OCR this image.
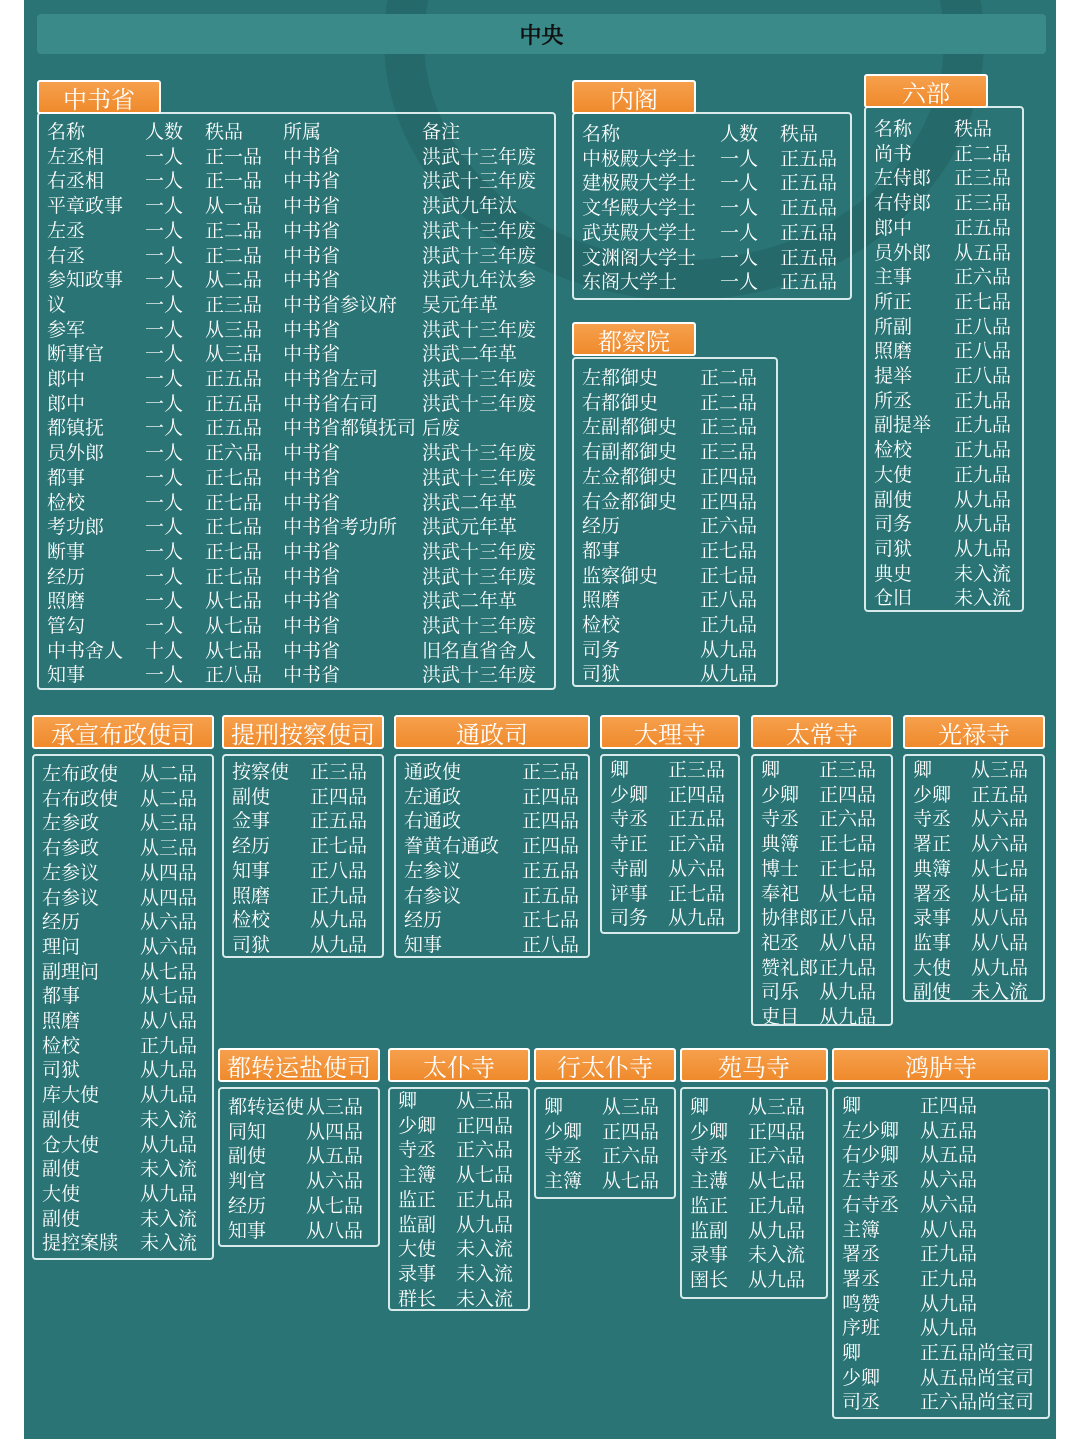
中央
中书省
名称	人数 秩品 所属	备注
左丞相 一人 正一品 中书省	洪武十三年废
右丞相 一人 正一品 中书省	洪武十三年废
平章政事 一人 从一品 中书省	洪武九年汰
左丞	一人 正二品 中书省	洪武十三年废
右丞	一人 正二品 中书省	洪武十三年废
参知政事 一人 从二品 中书省	洪武九年汰参
议	一人 正三品 中书省参议府 吴元年革
参军	一人 从三品 中书省	洪武十三年废
断事官 一人 从三品 中书省	洪武二年革
郎中	一人 正五品 中书省左司 洪武十三年废
郎中	一人 正五品 中书省右司 洪武十三年废
都镇抚 一人 正五品 中书省都镇抚司 后废
员外郎 一人 正六品 中书省	洪武十三年废
都事	一人 正七品 中书省	洪武十三年废
检校	一人 正七品 中书省	洪武二年革
考功郎 一人 正七品 中书省考功所 洪武元年革
断事	一人 正七品 中书省	洪武十三年废
经历	一人 正七品 中书省	洪武十三年废
照磨	一人 从七品 中书省	洪武二年革
管勾	一人 从七品 中书省	洪武十三年废
中书舍人 十人 从七品 中书省	旧名直省舍人
知事	一人 正八品 中书省	洪武十三年废
内阁
名称	人数 秩品
中极殿大学士 一人 正五品
建极殿大学士 一人 正五品
文华殿大学士 一人 正五品
武英殿大学士 一人 正五品
文渊阁大学士 一人 正五品
东阁大学士 一人 正五品
六部
名称 秩品
尚书 正二品
左侍郎 正三品
右侍郎 正三品
郎中 正五品
员外郎 从五品
主事 正六品
所正 正七品
所副 正八品
照磨 正八品
提举 正八品
所丞 正九品
副提举 正九品
检校 正九品
大使 正九品
副使 从九品
司务 从九品
司狱 从九品
典史 未入流
仓旧 未入流
都察院
左都御史 正二品
右都御史 正二品
左副都御史 正三品
右副都御史 正三品
左佥都御史 正四品
右佥都御史 正四品
经历	正六品
都事	正七品
监察御史 正七品
照磨	正八品
检校	正九品
司务	从九品
司狱	从九品
承宣布政使司
左布政使 从二品
右布政使 从二品
左参政 从三品
右参政 从三品
左参议 从四品
右参议 从四品
经历	从六品
理问	从六品
副理问 从七品
都事	从七品
照磨	从八品
检校	正九品
司狱	从九品
库大使 从九品
副使	未入流
仓大使 从九品
副使	未入流
大使	从九品
副使	未入流
提控案牍 未入流
提刑按察使司
按察使 正三品
副使 正四品
佥事 正五品
经历 正七品
知事 正八品
照磨 正九品
检校 从九品
司狱 从九品
通政司
通政使	正三品
左通政	正四品
右通政	正四品
誊黄右通政 正四品
左参议	正五品
右参议	正五品
经历	正七品
知事	正八品
大理寺
卿 正三品
少卿 正四品
寺丞 正五品
寺正 正六品
寺副 从六品
评事 正七品
司务 从九品
太常寺
卿 正三品
少卿 正四品
寺丞 正六品
典簿 正七品
博士 正七品
奉祀 从七品
协律郎 正八品
祀丞 从八品
赞礼郎 正九品
司乐 从九品
吏目 从九品
光禄寺
卿 从三品
少卿 正五品
寺丞 从六品
署正 从六品
典簿 从七品
署丞 从七品
录事 从八品
监事 从八品
大使 从九品
副使 未入流
都转运盐使司
都转运使 从三品
同知 从四品
副使 从五品
判官 从六品
经历 从七品
知事 从八品
太仆寺
卿 从三品
少卿 正四品
寺丞 正六品
主簿 从七品
监正 正九品
监副 从九品
大使 未入流
录事 未入流
群长 未入流
行太仆寺
卿 从三品
少卿 正四品
寺丞 正六品
主簿 从七品
苑马寺
卿 从三品
少卿 正四品
寺丞 正六品
主薄 从七品
监正 正九品
监副 从九品
录事 未入流
圉长 从九品
鸿胪寺
卿	正四品
左少卿 从五品
右少卿 从五品
左寺丞 从六品
右寺丞 从六品
主簿 从八品
署丞 正九品
署丞 正九品
鸣赞 从九品
序班 从九品
卿	正五品尚宝司
少卿 从五品尚宝司
司丞 正六品尚宝司
